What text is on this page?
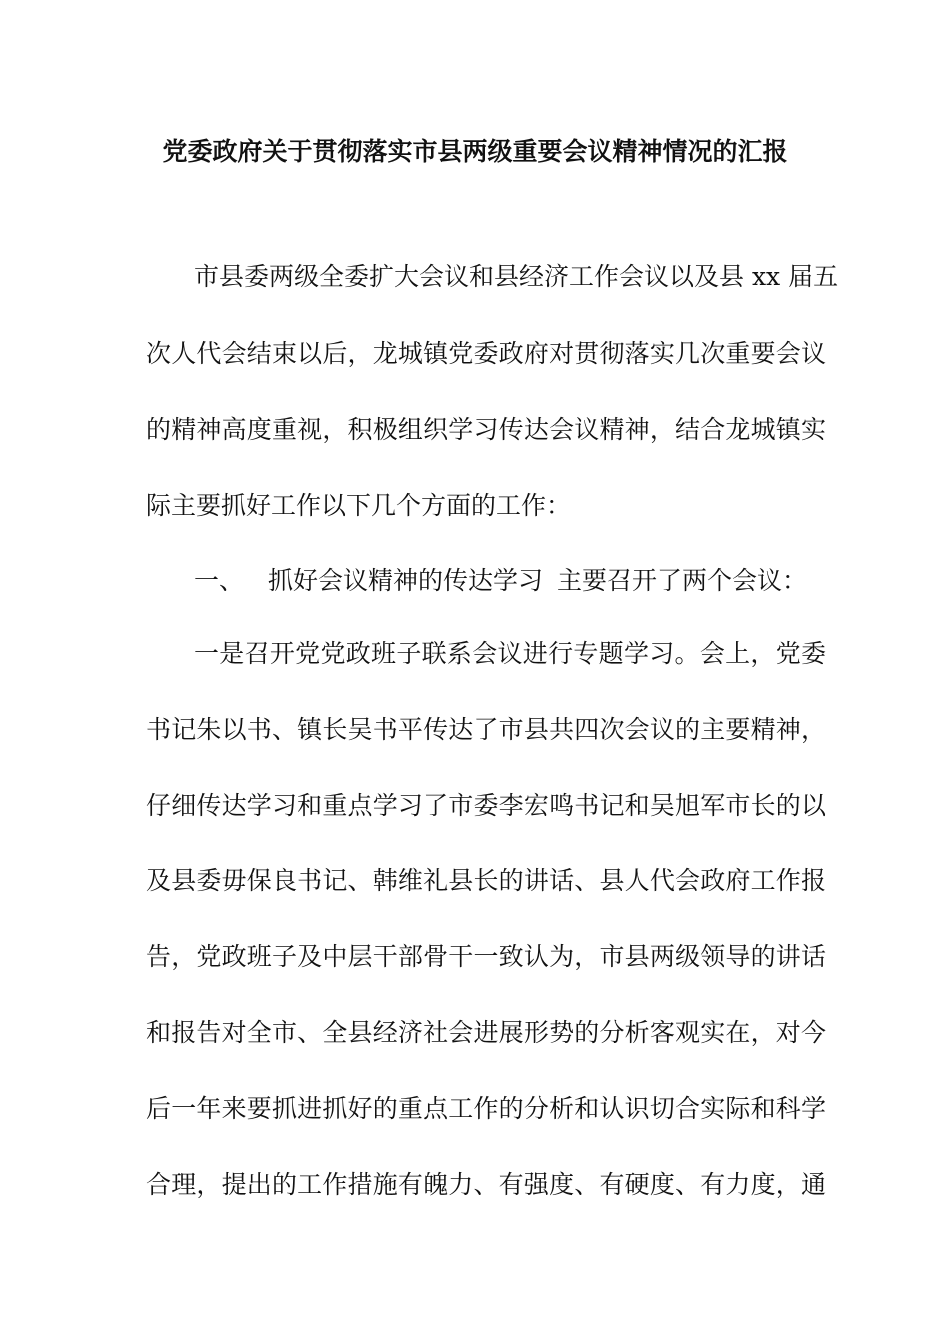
党委政府关于贯彻落实市县两级重要会议精神情况的汇报
市县委两级全委扩大会议和县经济工作会议以及县 xx 届五
次人代会结束以后，龙城镇党委政府对贯彻落实几次重要会议
的精神高度重视，积极组织学习传达会议精神，结合龙城镇实
际主要抓好工作以下几个方面的工作：
一、 抓好会议精神的传达学习 主要召开了两个会议：
一是召开党党政班子联系会议进行专题学习。会上，党委
书记朱以书、镇长吴书平传达了市县共四次会议的主要精神，
仔细传达学习和重点学习了市委李宏鸣书记和吴旭军市长的以
及县委毋保良书记、韩维礼县长的讲话、县人代会政府工作报
告，党政班子及中层干部骨干一致认为，市县两级领导的讲话
和报告对全市、全县经济社会进展形势的分析客观实在，对今
后一年来要抓进抓好的重点工作的分析和认识切合实际和科学
合理，提出的工作措施有魄力、有强度、有硬度、有力度，通
